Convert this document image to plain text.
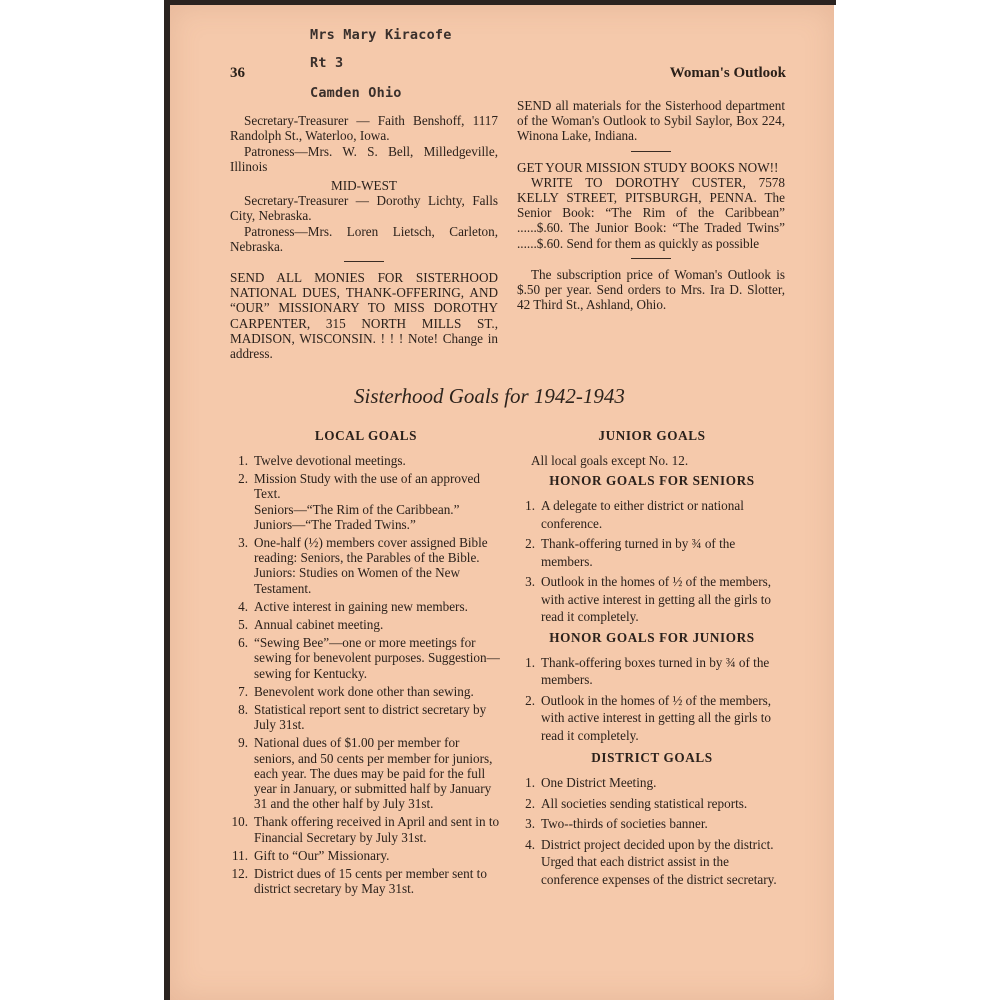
Mrs Mary Kiracofe
Rt 3
Camden Ohio
36	Woman's Outlook

Secretary-Treasurer — Faith Benshoff, 1117 Randolph St., Waterloo, Iowa.

Patroness—Mrs. W. S. Bell, Milledgeville, Illinois

MID-WEST

Secretary-Treasurer — Dorothy Lichty, Falls City, Nebraska.

Patroness—Mrs. Loren Lietsch, Carleton, Nebraska.

SEND ALL MONIES FOR SISTERHOOD NATIONAL DUES, THANK-OFFERING, AND “OUR” MISSIONARY TO MISS DOROTHY CARPENTER, 315 NORTH MILLS ST., MADISON, WISCONSIN. ! ! ! Note! Change in address.

SEND all materials for the Sisterhood department of the Woman's Outlook to Sybil Saylor, Box 224, Winona Lake, Indiana.

GET YOUR MISSION STUDY BOOKS NOW!!

WRITE TO DOROTHY CUSTER, 7578 KELLY STREET, PITSBURGH, PENNA. The Senior Book: “The Rim of the Caribbean” ......$.60. The Junior Book: “The Traded Twins” ......$.60. Send for them as quickly as possible

The subscription price of Woman's Outlook is $.50 per year. Send orders to Mrs. Ira D. Slotter, 42 Third St., Ashland, Ohio.

Sisterhood Goals for 1942-1943
LOCAL GOALS
1. Twelve devotional meetings.
2. Mission Study with the use of an approved Text.
Seniors—“The Rim of the Caribbean.”
Juniors—“The Traded Twins.”
3. One-half (½) members cover assigned Bible reading: Seniors, the Parables of the Bible. Juniors: Studies on Women of the New Testament.
4. Active interest in gaining new members.
5. Annual cabinet meeting.
6. “Sewing Bee”—one or more meetings for sewing for benevolent purposes. Suggestion—sewing for Kentucky.
7. Benevolent work done other than sewing.
8. Statistical report sent to district secretary by July 31st.
9. National dues of $1.00 per member for seniors, and 50 cents per member for juniors, each year. The dues may be paid for the full year in January, or submitted half by January 31 and the other half by July 31st.
10. Thank offering received in April and sent in to Financial Secretary by July 31st.
11. Gift to “Our” Missionary.
12. District dues of 15 cents per member sent to district secretary by May 31st.
JUNIOR GOALS
All local goals except No. 12.
HONOR GOALS FOR SENIORS
1. A delegate to either district or national conference.
2. Thank-offering turned in by ¾ of the members.
3. Outlook in the homes of ½ of the members, with active interest in getting all the girls to read it completely.
HONOR GOALS FOR JUNIORS
1. Thank-offering boxes turned in by ¾ of the members.
2. Outlook in the homes of ½ of the members, with active interest in getting all the girls to read it completely.
DISTRICT GOALS
1. One District Meeting.
2. All societies sending statistical reports.
3. Two--thirds of societies banner.
4. District project decided upon by the district. Urged that each district assist in the conference expenses of the district secretary.
